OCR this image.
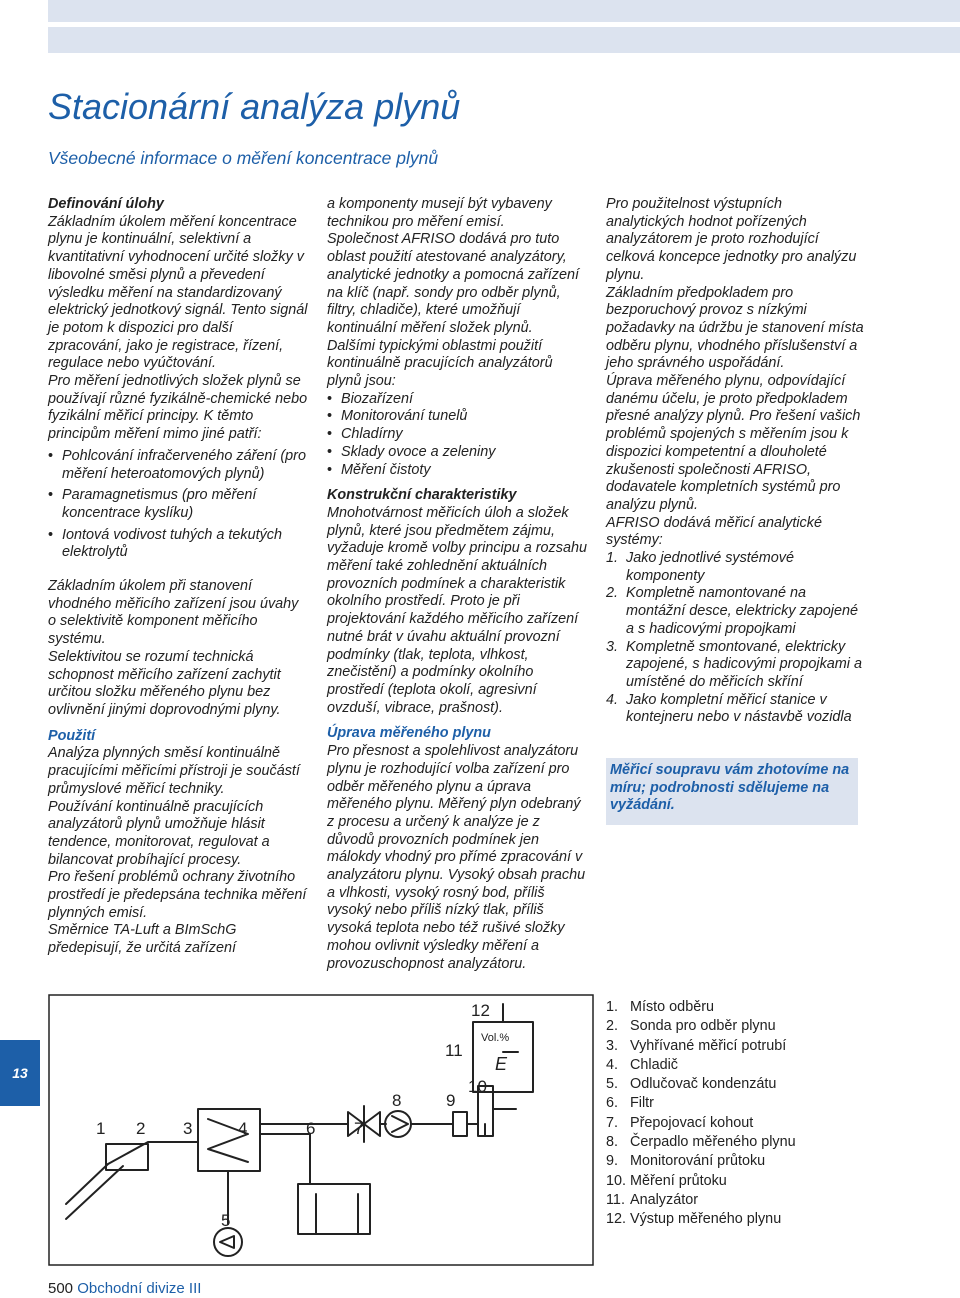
Stacionární analýza plynů
Všeobecné informace o měření koncentrace plynů

Definování úlohy

Základním úkolem měření koncentrace plynu je kontinuální, selektivní a kvantitativní vyhodnocení určité složky v libovolné směsi plynů a převedení výsledku měření na standardizovaný elektrický jednotkový signál. Tento signál je potom k dispozici pro další zpracování, jako je registrace, řízení, regulace nebo vyúčtování.

Pro měření jednotlivých složek plynů se používají různé fyzikálně-chemické nebo fyzikální měřicí principy. K těmto principům měření mimo jiné patří:

• Pohlcování infračerveného záření (pro měření heteroatomových plynů)
• Paramagnetismus (pro měření koncentrace kyslíku)
• Iontová vodivost tuhých a tekutých elektrolytů

Základním úkolem při stanovení vhodného měřicího zařízení jsou úvahy o selektivitě komponent měřicího systému.

Selektivitou se rozumí technická schopnost měřicího zařízení zachytit určitou složku měřeného plynu bez ovlivnění jinými doprovodnými plyny.

Použití

Analýza plynných směsí kontinuálně pracujícími měřicími přístroji je součástí průmyslové měřicí techniky.

Používání kontinuálně pracujících analyzátorů plynů umožňuje hlásit tendence, monitorovat, regulovat a bilancovat probíhající procesy.

Pro řešení problémů ochrany životního prostředí je předepsána technika měření plynných emisí.

Směrnice TA-Luft a BImSchG předepisují, že určitá zařízení

a komponenty musejí být vybaveny technikou pro měření emisí.

Společnost AFRISO dodává pro tuto oblast použití atestované analyzátory, analytické jednotky a pomocná zařízení na klíč (např. sondy pro odběr plynů, filtry, chladiče), které umožňují kontinuální měření složek plynů.

Dalšími typickými oblastmi použití kontinuálně pracujících analyzátorů plynů jsou:

• Biozařízení
• Monitorování tunelů
• Chladírny
• Sklady ovoce a zeleniny
• Měření čistoty

Konstrukční charakteristiky

Mnohotvárnost měřicích úloh a složek plynů, které jsou předmětem zájmu, vyžaduje kromě volby principu a rozsahu měření také zohlednění aktuálních provozních podmínek a charakteristik okolního prostředí. Proto je při projektování každého měřicího zařízení nutné brát v úvahu aktuální provozní podmínky (tlak, teplota, vlhkost, znečistění) a podmínky okolního prostředí (teplota okolí, agresivní ovzduší, vibrace, prašnost).

Úprava měřeného plynu

Pro přesnost a spolehlivost analyzátoru plynu je rozhodující volba zařízení pro odběr měřeného plynu a úprava měřeného plynu. Měřený plyn odebraný z procesu a určený k analýze je z důvodů provozních podmínek jen málokdy vhodný pro přímé zpracování v analyzátoru plynu. Vysoký obsah prachu a vlhkosti, vysoký rosný bod, příliš vysoký nebo příliš nízký tlak, příliš vysoká teplota nebo též rušivé složky mohou ovlivnit výsledky měření a provozuschopnost analyzátoru.

Pro použitelnost výstupních analytických hodnot pořízených analyzátorem je proto rozhodující celková koncepce jednotky pro analýzu plynu.

Základním předpokladem pro bezporuchový provoz s nízkými požadavky na údržbu je stanovení místa odběru plynu, vhodného příslušenství a jeho správného uspořádání.

Úprava měřeného plynu, odpovídající danému účelu, je proto předpokladem přesné analýzy plynů. Pro řešení vašich problémů spojených s měřením jsou k dispozici kompetentní a dlouholeté zkušenosti společnosti AFRISO, dodavatele kompletních systémů pro analýzu plynů.

AFRISO dodává měřicí analytické systémy:

1. Jako jednotlivé systémové komponenty
2. Kompletně namontované na montážní desce, elektricky zapojené a s hadicovými propojkami
3. Kompletně smontované, elektricky zapojené, s hadicovými propojkami a umístěné do měřicích skříní
4. Jako kompletní měřicí stanice v kontejneru nebo v nástavbě vozidla
Měřicí soupravu vám zhotovíme na míru; podrobnosti sdělujeme na vyžádání.
13
Vol.%
E
1 2 3	4
5
6 7
8	9
10
11
12	1. Místo odběru
2. Sonda pro odběr plynu
3. Vyhřívané měřicí potrubí
4. Chladič
5. Odlučovač kondenzátu
6. Filtr
7. Přepojovací kohout
8. Čerpadlo měřeného plynu
9. Monitorování průtoku
10. Měření průtoku
11. Analyzátor
12. Výstup měřeného plynu
500 Obchodní divize III
